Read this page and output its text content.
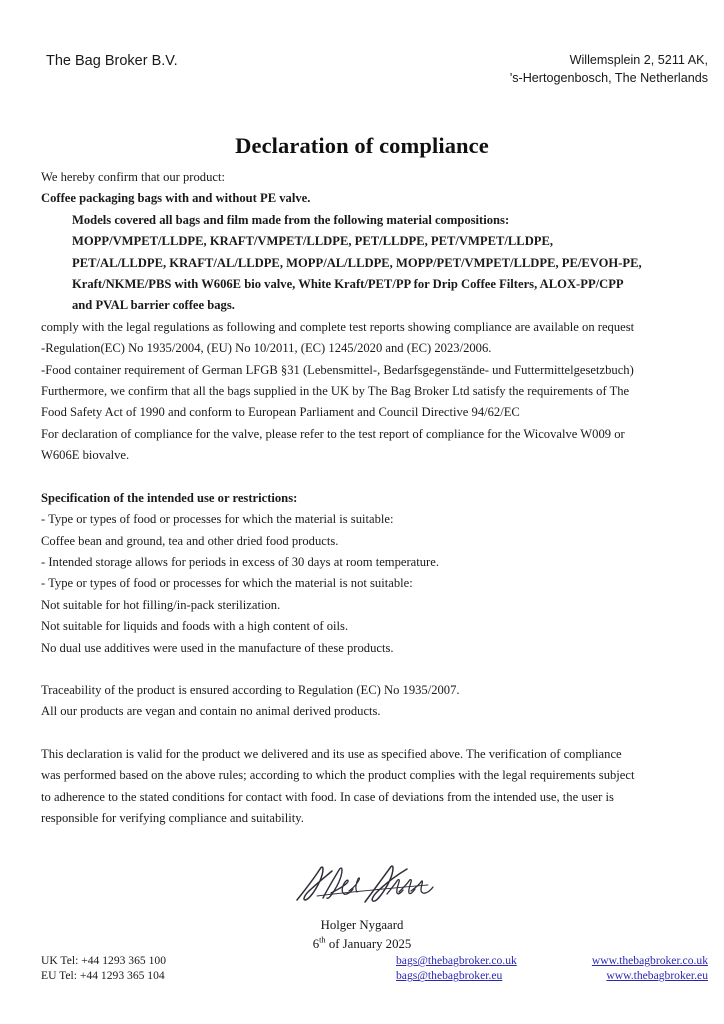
The Bag Broker B.V.	Willemsplein 2, 5211 AK,
's-Hertogenbosch, The Netherlands
Declaration of compliance
We hereby confirm that our product:
Coffee packaging bags with and without PE valve.
Models covered all bags and film made from the following material compositions:
MOPP/VMPET/LLDPE, KRAFT/VMPET/LLDPE, PET/LLDPE, PET/VMPET/LLDPE,
PET/AL/LLDPE, KRAFT/AL/LLDPE, MOPP/AL/LLDPE, MOPP/PET/VMPET/LLDPE, PE/EVOH-PE,
Kraft/NKME/PBS with W606E bio valve, White Kraft/PET/PP for Drip Coffee Filters, ALOX-PP/CPP
and PVAL barrier coffee bags.
comply with the legal regulations as following and complete test reports showing compliance are available on request
-Regulation(EC) No 1935/2004, (EU) No 10/2011, (EC) 1245/2020 and (EC) 2023/2006.
-Food container requirement of German LFGB §31 (Lebensmittel-, Bedarfsgegenstände- und Futtermittelgesetzbuch)
Furthermore, we confirm that all the bags supplied in the UK by The Bag Broker Ltd satisfy the requirements of The
Food Safety Act of 1990 and conform to European Parliament and Council Directive 94/62/EC
For declaration of compliance for the valve, please refer to the test report of compliance for the Wicovalve W009 or
W606E biovalve.
Specification of the intended use or restrictions:
- Type or types of food or processes for which the material is suitable:
Coffee bean and ground, tea and other dried food products.
- Intended storage allows for periods in excess of 30 days at room temperature.
- Type or types of food or processes for which the material is not suitable:
Not suitable for hot filling/in-pack sterilization.
Not suitable for liquids and foods with a high content of oils.
No dual use additives were used in the manufacture of these products.
Traceability of the product is ensured according to Regulation (EC) No 1935/2007.
All our products are vegan and contain no animal derived products.
This declaration is valid for the product we delivered and its use as specified above. The verification of compliance
was performed based on the above rules; according to which the product complies with the legal requirements subject
to adherence to the stated conditions for contact with food. In case of deviations from the intended use, the user is
responsible for verifying compliance and suitability.
Holger Nygaard
6th of January 2025
UK Tel: +44 1293 365 100	bags@thebagbroker.co.uk	www.thebagbroker.co.uk
EU Tel: +44 1293 365 104	bags@thebagbroker.eu	www.thebagbroker.eu
